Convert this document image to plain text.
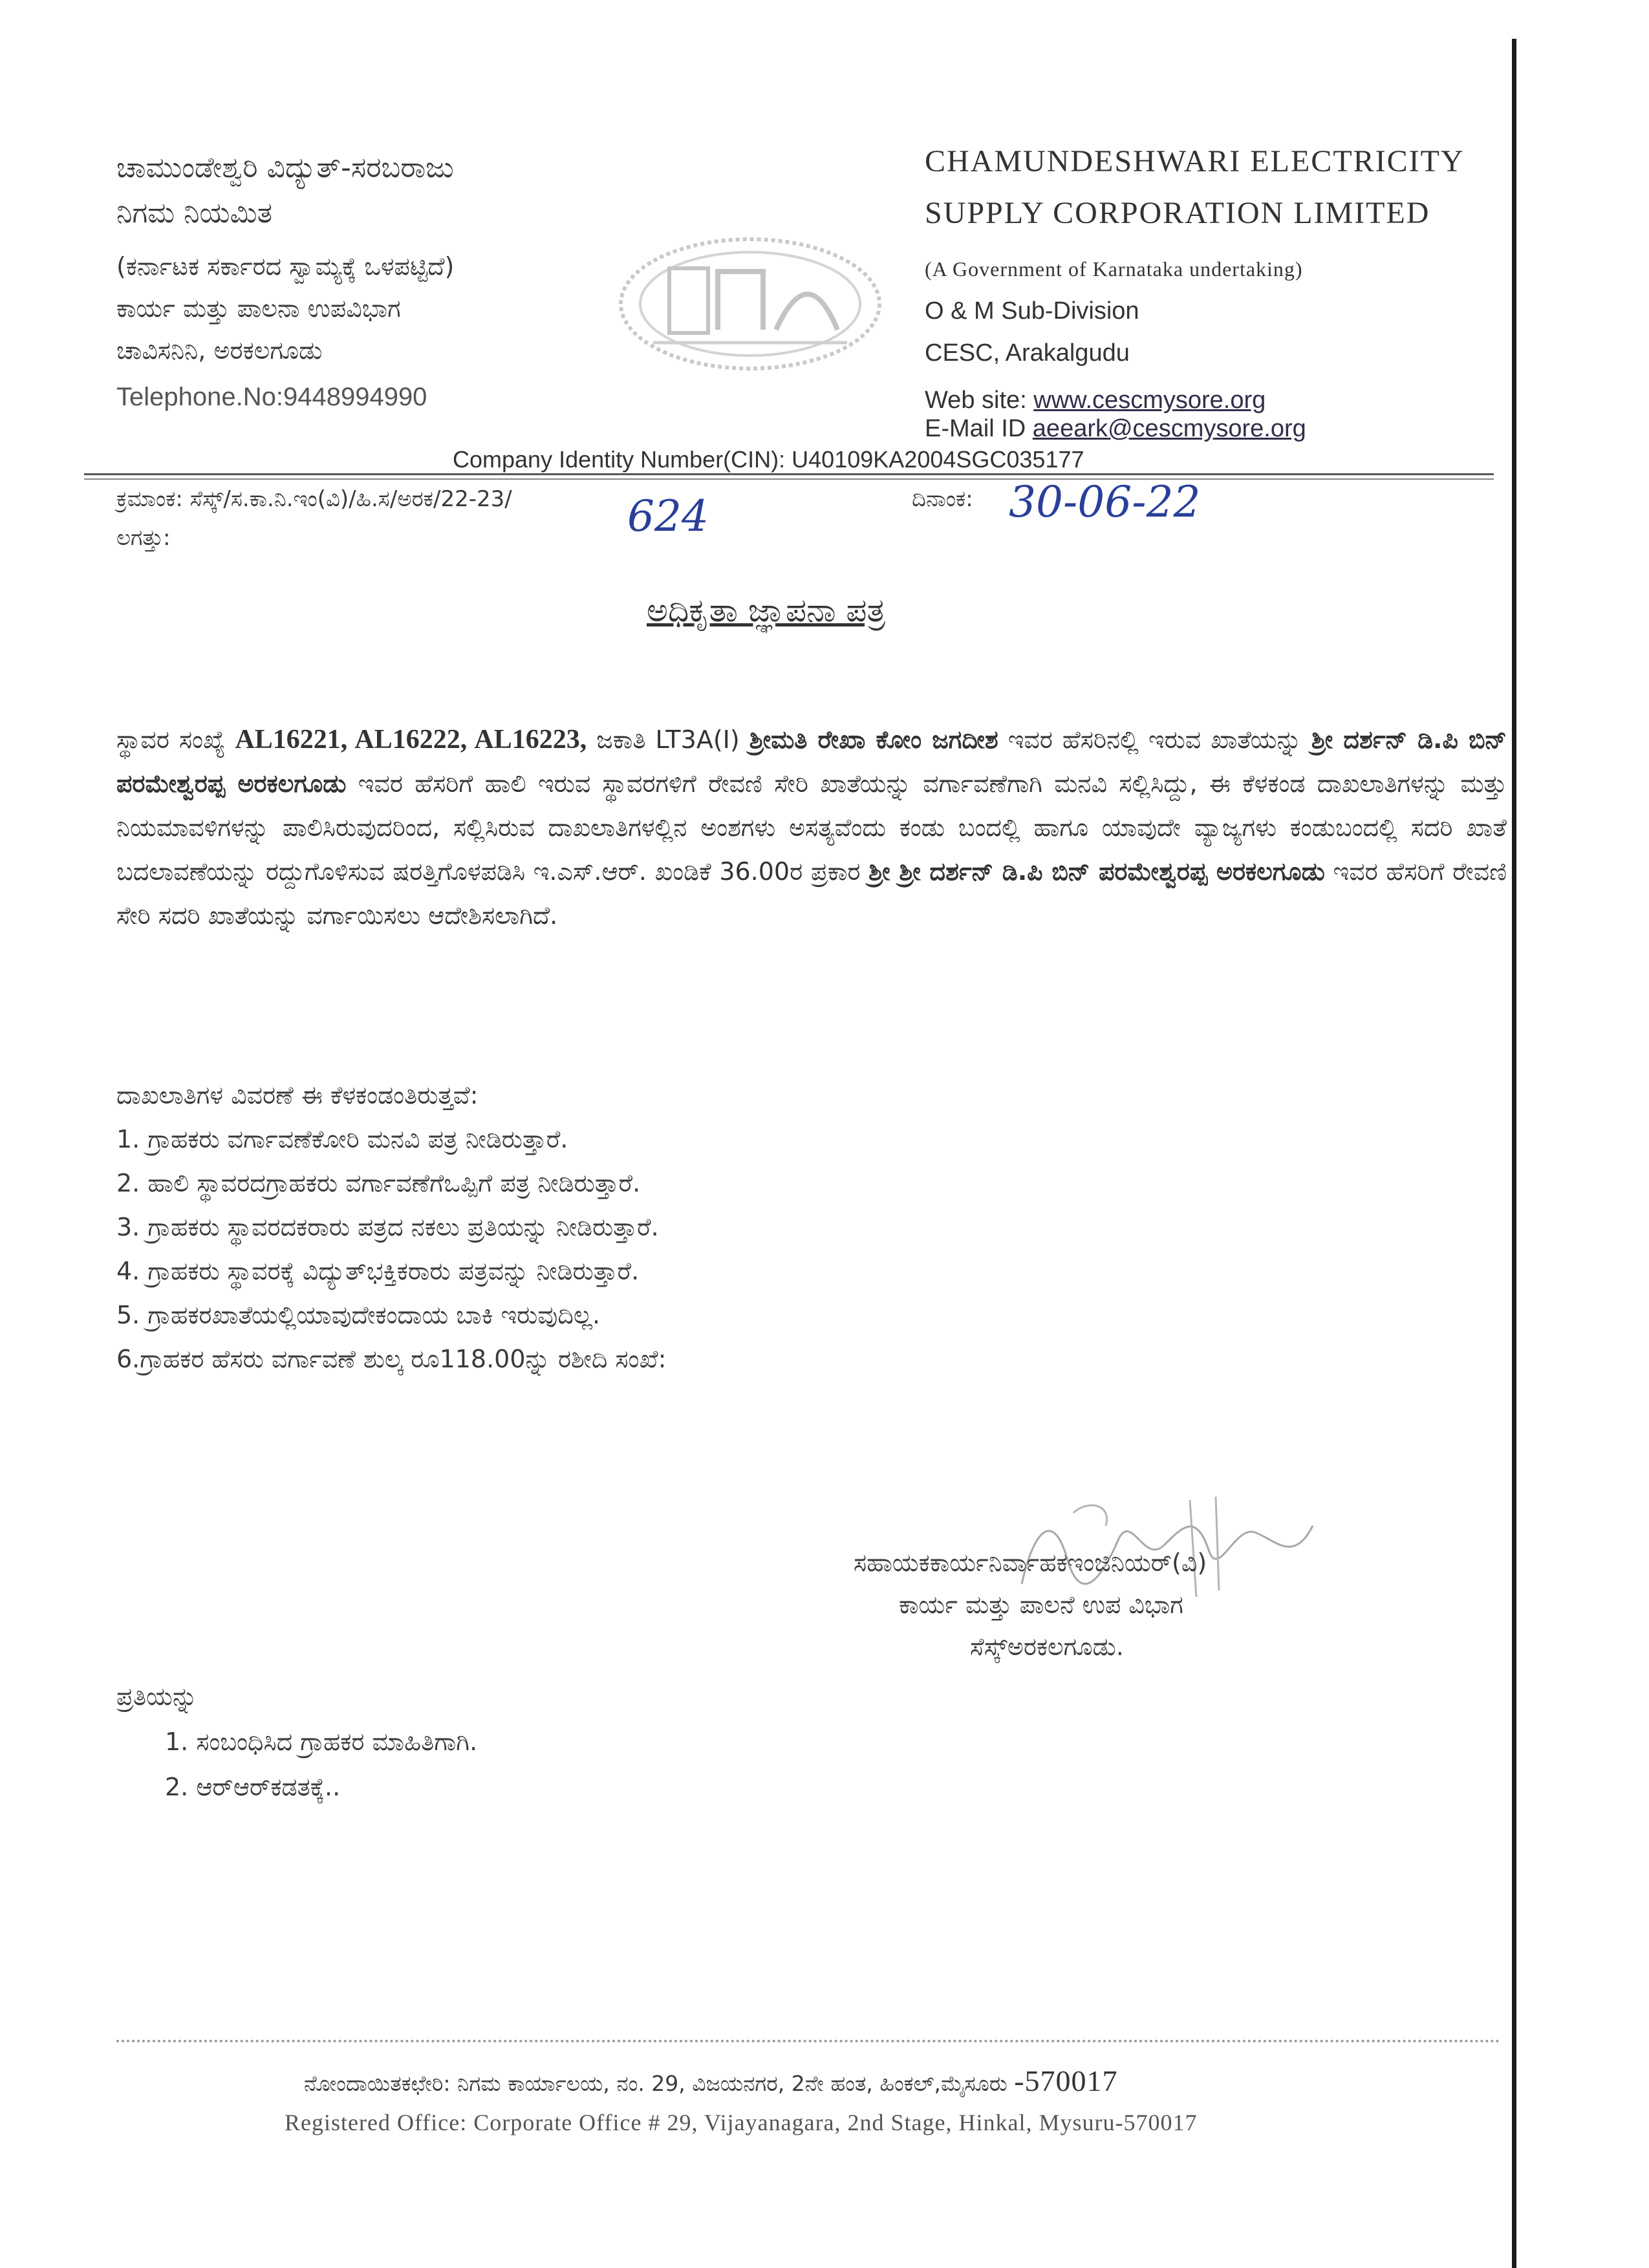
ಚಾಮುಂಡೇಶ್ವರಿ ವಿದ್ಯುತ್-ಸರಬರಾಜು
ನಿಗಮ ನಿಯಮಿತ
(ಕರ್ನಾಟಕ ಸರ್ಕಾರದ ಸ್ವಾಮ್ಯಕ್ಕೆ ಒಳಪಟ್ಟಿದೆ)
ಕಾರ್ಯ ಮತ್ತು ಪಾಲನಾ ಉಪವಿಭಾಗ
ಚಾವಿಸನಿನಿ, ಅರಕಲಗೂಡು
Telephone.No:9448994990
CHAMUNDESHWARI ELECTRICITY
SUPPLY CORPORATION LIMITED
(A Government of Karnataka undertaking)
O & M Sub-Division
CESC, Arakalgudu
Web site: www.cescmysore.org
E-Mail ID aeeark@cescmysore.org
Company Identity Number(CIN): U40109KA2004SGC035177
ಕ್ರಮಾಂಕ: ಸೆಸ್ಕ್/ಸ.ಕಾ.ನಿ.ಇಂ(ವಿ)/ಹಿ.ಸ/ಅರಕ/22-23/	624
ಲಗತ್ತು:
ದಿನಾಂಕ: 30-06-22
ಅಧಿಕೃತಾ ಜ್ಞಾಪನಾ ಪತ್ರ
ಸ್ಥಾವರ ಸಂಖ್ಯೆ AL16221, AL16222, AL16223, ಜಕಾತಿ LT3A(I) ಶ್ರೀಮತಿ ರೇಖಾ ಕೋಂ ಜಗದೀಶ ಇವರ ಹೆಸರಿನಲ್ಲಿ ಇರುವ ಖಾತೆಯನ್ನು ಶ್ರೀ ದರ್ಶನ್ ಡಿ.ಪಿ ಬಿನ್ ಪರಮೇಶ್ವರಪ್ಪ ಅರಕಲಗೂಡು ಇವರ ಹೆಸರಿಗೆ ಹಾಲಿ ಇರುವ ಸ್ಥಾವರಗಳಿಗೆ ರೇವಣಿ ಸೇರಿ ಖಾತೆಯನ್ನು ವರ್ಗಾವಣೆಗಾಗಿ ಮನವಿ ಸಲ್ಲಿಸಿದ್ದು, ಈ ಕೆಳಕಂಡ ದಾಖಲಾತಿಗಳನ್ನು ಮತ್ತು ನಿಯಮಾವಳಿಗಳನ್ನು ಪಾಲಿಸಿರುವುದರಿಂದ, ಸಲ್ಲಿಸಿರುವ ದಾಖಲಾತಿಗಳಲ್ಲಿನ ಅಂಶಗಳು ಅಸತ್ಯವೆಂದು ಕಂಡು ಬಂದಲ್ಲಿ ಹಾಗೂ ಯಾವುದೇ ವ್ಯಾಜ್ಯಗಳು ಕಂಡುಬಂದಲ್ಲಿ ಸದರಿ ಖಾತೆ ಬದಲಾವಣೆಯನ್ನು ರದ್ದುಗೊಳಿಸುವ ಷರತ್ತಿಗೊಳಪಡಿಸಿ ಇ.ಎಸ್.ಆರ್. ಖಂಡಿಕೆ 36.00ರ ಪ್ರಕಾರ ಶ್ರೀ ಶ್ರೀ ದರ್ಶನ್ ಡಿ.ಪಿ ಬಿನ್ ಪರಮೇಶ್ವರಪ್ಪ ಅರಕಲಗೂಡು ಇವರ ಹೆಸರಿಗೆ ರೇವಣಿ ಸೇರಿ ಸದರಿ ಖಾತೆಯನ್ನು ವರ್ಗಾಯಿಸಲು ಆದೇಶಿಸಲಾಗಿದೆ.
ದಾಖಲಾತಿಗಳ ವಿವರಣೆ ಈ ಕೆಳಕಂಡಂತಿರುತ್ತವೆ:
1. ಗ್ರಾಹಕರು ವರ್ಗಾವಣೆಕೋರಿ ಮನವಿ ಪತ್ರ ನೀಡಿರುತ್ತಾರೆ.
2. ಹಾಲಿ ಸ್ಥಾವರದಗ್ರಾಹಕರು ವರ್ಗಾವಣೆಗೆಒಪ್ಪಿಗೆ ಪತ್ರ ನೀಡಿರುತ್ತಾರೆ.
3. ಗ್ರಾಹಕರು ಸ್ಥಾವರದಕರಾರು ಪತ್ರದ ನಕಲು ಪ್ರತಿಯನ್ನು ನೀಡಿರುತ್ತಾರೆ.
4. ಗ್ರಾಹಕರು ಸ್ಥಾವರಕ್ಕೆ ವಿದ್ಯುತ್‌ಭಕ್ತಿಕರಾರು ಪತ್ರವನ್ನು ನೀಡಿರುತ್ತಾರೆ.
5. ಗ್ರಾಹಕರಖಾತೆಯಲ್ಲಿಯಾವುದೇಕಂದಾಯ ಬಾಕಿ ಇರುವುದಿಲ್ಲ.
6.ಗ್ರಾಹಕರ ಹೆಸರು ವರ್ಗಾವಣೆ ಶುಲ್ಕ ರೂ118.00ನ್ನು ರಶೀದಿ ಸಂಖೆ:
ಸಹಾಯಕಕಾರ್ಯನಿರ್ವಾಹಕಇಂಜಿನಿಯರ್(ವಿ)
ಕಾರ್ಯ ಮತ್ತು ಪಾಲನೆ ಉಪ ವಿಭಾಗ
ಸೆಸ್ಕ್‌ಅರಕಲಗೂಡು.
ಪ್ರತಿಯನ್ನು
1. ಸಂಬಂಧಿಸಿದ ಗ್ರಾಹಕರ ಮಾಹಿತಿಗಾಗಿ.
2. ಆರ್‌ಆರ್‌ಕಡತಕ್ಕೆ..
ನೋಂದಾಯಿತಕಛೇರಿ: ನಿಗಮ ಕಾರ್ಯಾಲಯ, ನಂ. 29, ವಿಜಯನಗರ, 2ನೇ ಹಂತ, ಹಿಂಕಲ್,ಮೈಸೂರು -570017
Registered Office: Corporate Office # 29, Vijayanagara, 2nd Stage, Hinkal, Mysuru-570017
